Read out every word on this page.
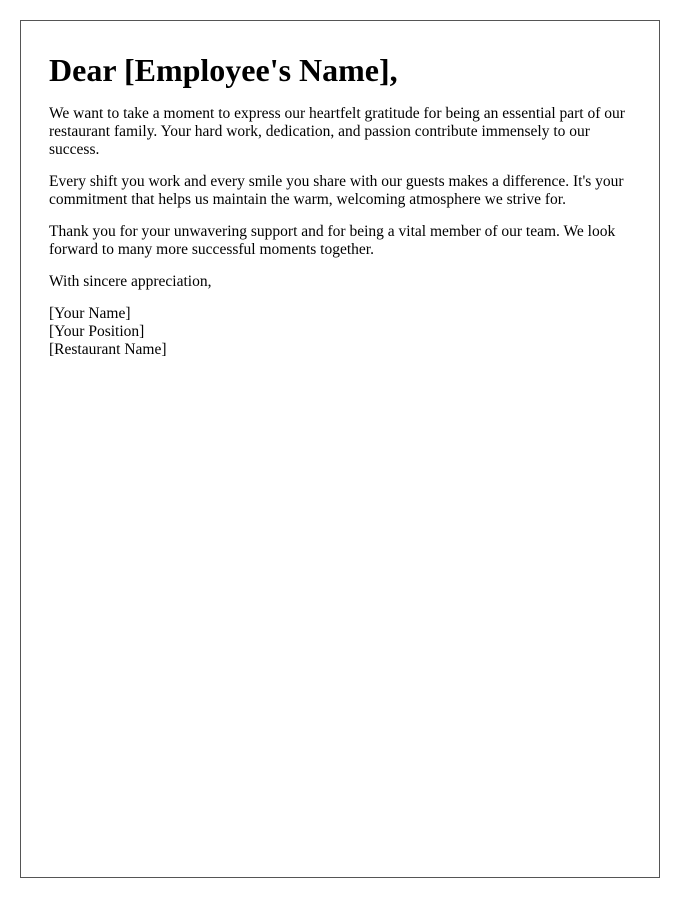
Dear [Employee's Name],

We want to take a moment to express our heartfelt gratitude for being an essential part of our restaurant family. Your hard work, dedication, and passion contribute immensely to our success.

Every shift you work and every smile you share with our guests makes a difference. It's your commitment that helps us maintain the warm, welcoming atmosphere we strive for.

Thank you for your unwavering support and for being a vital member of our team. We look forward to many more successful moments together.

With sincere appreciation,

[Your Name]
[Your Position]
[Restaurant Name]
